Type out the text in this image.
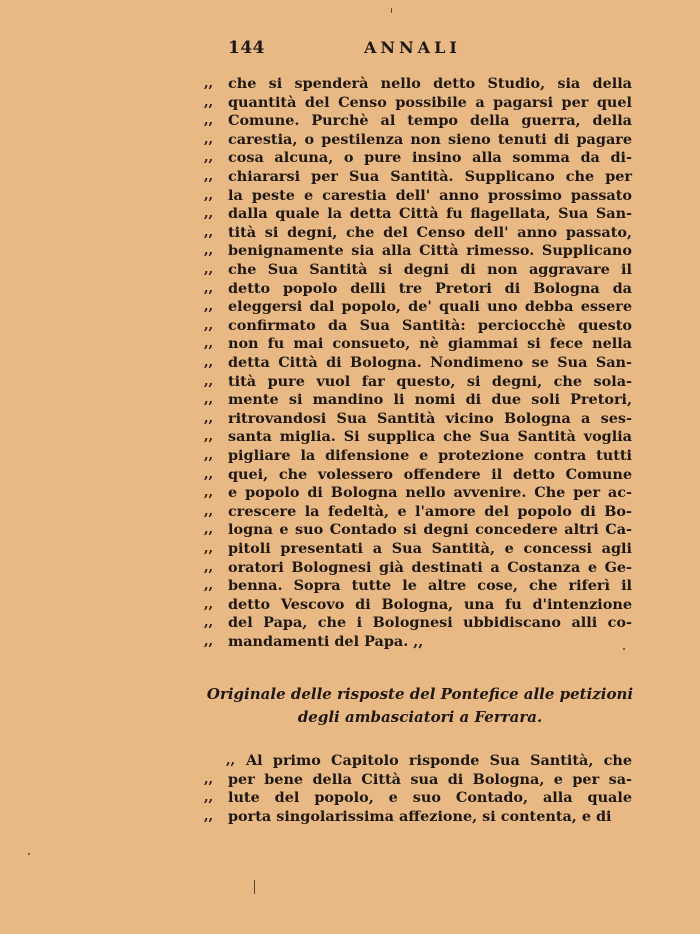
144	ANNALI
,, che si spenderà nello detto Studio, sia della
,, quantità del Censo possibile a pagarsi per quel
,, Comune. Purchè al tempo della guerra, della
,, carestia, o pestilenza non sieno tenuti di pagare
,, cosa alcuna, o pure insino alla somma da di-
,, chiararsi per Sua Santità. Supplicano che per
,, la peste e carestia dell' anno prossimo passato
,, dalla quale la detta Città fu flagellata, Sua San-
,, tità si degni, che del Censo dell' anno passato,
,, benignamente sia alla Città rimesso. Supplicano
,, che Sua Santità si degni di non aggravare il
,, detto popolo delli tre Pretori di Bologna da
,, eleggersi dal popolo, de' quali uno debba essere
,, confirmato da Sua Santità: perciocchè questo
,, non fu mai consueto, nè giammai si fece nella
,, detta Città di Bologna. Nondimeno se Sua San-
,, tità pure vuol far questo, si degni, che sola-
,, mente si mandino li nomi di due soli Pretori,
,, ritrovandosi Sua Santità vicino Bologna a ses-
,, santa miglia. Si supplica che Sua Santità voglia
,, pigliare la difensione e protezione contra tutti
,, quei, che volessero offendere il detto Comune
,, e popolo di Bologna nello avvenire. Che per ac-
,, crescere la fedeltà, e l'amore del popolo di Bo-
,, logna e suo Contado si degni concedere altri Ca-
,, pitoli presentati a Sua Santità, e concessi agli
,, oratori Bolognesi già destinati a Costanza e Ge-
,, benna. Sopra tutte le altre cose, che riferì il
,, detto Vescovo di Bologna, una fu d'intenzione
,, del Papa, che i Bolognesi ubbidiscano alli co-
,, mandamenti del Papa. ,,
Originale delle risposte del Pontefice alle petizioni
degli ambasciatori a Ferrara.
,, Al primo Capitolo risponde Sua Santità, che
,, per bene della Città sua di Bologna, e per sa-
,, lute del popolo, e suo Contado, alla quale
,, porta singolarissima affezione, si contenta, e di
